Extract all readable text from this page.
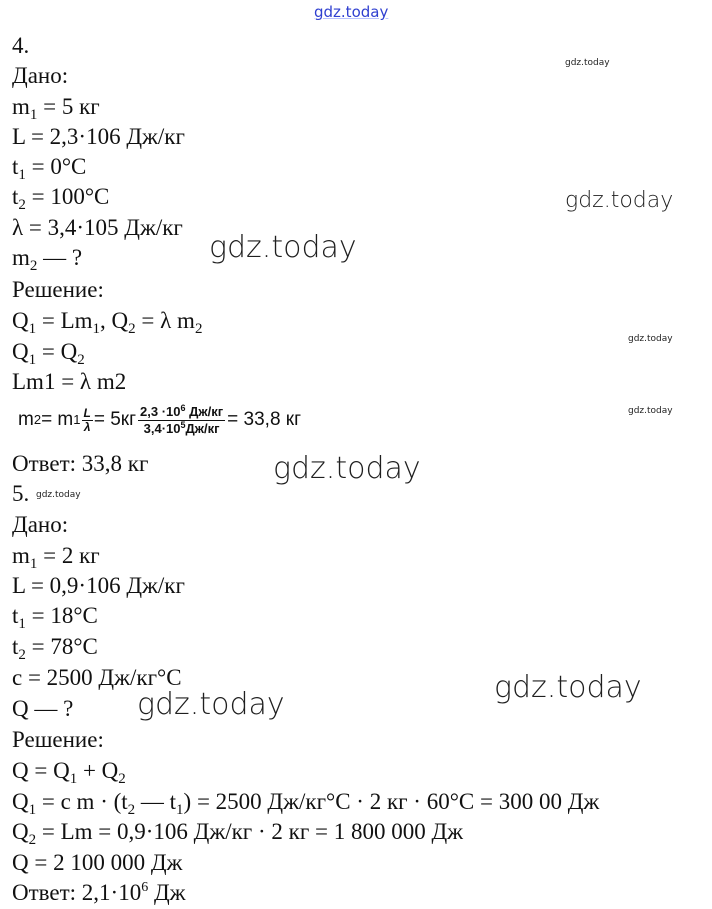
gdz.today
gdz.today
gdz.today
gdz.today
gdz.today
gdz.today
gdz.today
gdz.today
gdz.today
gdz.today
4.
Дано:
$m_1 = 5$ кг
L = 2,3·106 Дж/кг
$t_1 = 0^\circ C$
$t_2 = 100^\circ C$
λ = 3,4·105 Дж/кг
$m_2$ — ?
Решение:
$Q_1 = Lm_1$, $Q_2 = \lambda$ $m_2$
$Q_1 = Q_2$
Lm1 = λ m2
m 2 = m $1 \frac{L}{\lambda} = 5кг \frac{2,3 \cdot 10^6 Дж/кг}{3,4\cdot 10^5Дж/кг} = 33,8$ кг
Ответ: 33,8 кг
5.
Дано:
$m_1 = 2$ кг
L = 0,9·106 Дж/кг
$t_1 = 18^\circ C$
$t_2 = 78^\circ C$
c = 2500 Дж/кг°C
Q — ?
Решение:
$Q = Q_1 + Q_2$
$Q_1 = c$ $m \cdot (t_2$ — $t_1) = 2500$ Дж/кг°C · 2 кг · 60°C = 300 00 Дж
$Q_2 = Lm = 0,9\cdot 106$ Дж/кг · 2 кг = 1 800 000 Дж
Q = 2 100 000 Дж
Ответ: $2,1\cdot 10^6$ Дж
